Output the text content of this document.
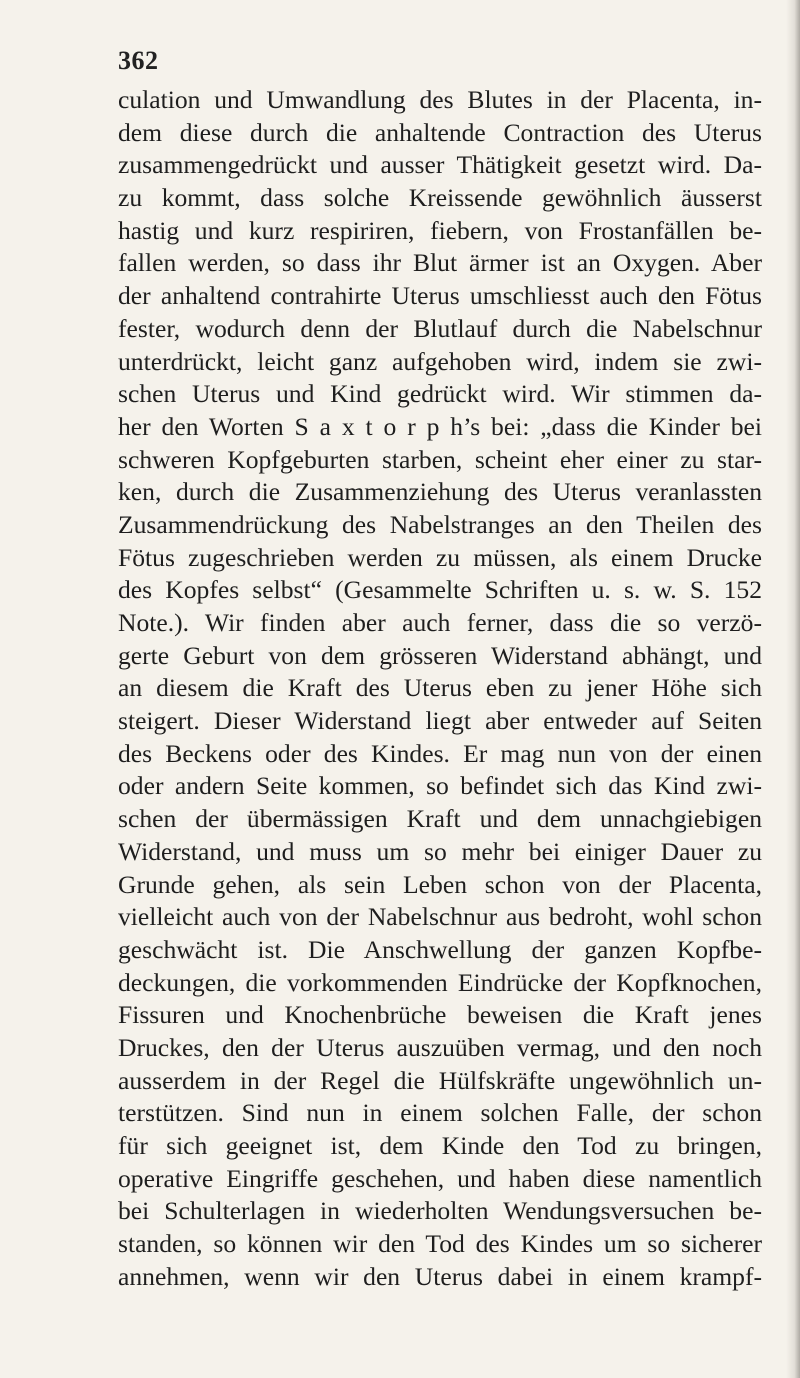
362
culation und Umwandlung des Blutes in der Placenta, in-
dem diese durch die anhaltende Contraction des Uterus
zusammengedrückt und ausser Thätigkeit gesetzt wird. Da-
zu kommt, dass solche Kreissende gewöhnlich äusserst
hastig und kurz respiriren, fiebern, von Frostanfällen be-
fallen werden, so dass ihr Blut ärmer ist an Oxygen. Aber
der anhaltend contrahirte Uterus umschliesst auch den Fötus
fester, wodurch denn der Blutlauf durch die Nabelschnur
unterdrückt, leicht ganz aufgehoben wird, indem sie zwi-
schen Uterus und Kind gedrückt wird. Wir stimmen da-
her den Worten S a x t o r p h’s bei: „dass die Kinder bei
schweren Kopfgeburten starben, scheint eher einer zu star-
ken, durch die Zusammenziehung des Uterus veranlassten
Zusammendrückung des Nabelstranges an den Theilen des
Fötus zugeschrieben werden zu müssen, als einem Drucke
des Kopfes selbst“ (Gesammelte Schriften u. s. w. S. 152
Note.). Wir finden aber auch ferner, dass die so verzö-
gerte Geburt von dem grösseren Widerstand abhängt, und
an diesem die Kraft des Uterus eben zu jener Höhe sich
steigert. Dieser Widerstand liegt aber entweder auf Seiten
des Beckens oder des Kindes. Er mag nun von der einen
oder andern Seite kommen, so befindet sich das Kind zwi-
schen der übermässigen Kraft und dem unnachgiebigen
Widerstand, und muss um so mehr bei einiger Dauer zu
Grunde gehen, als sein Leben schon von der Placenta,
vielleicht auch von der Nabelschnur aus bedroht, wohl schon
geschwächt ist. Die Anschwellung der ganzen Kopfbe-
deckungen, die vorkommenden Eindrücke der Kopfknochen,
Fissuren und Knochenbrüche beweisen die Kraft jenes
Druckes, den der Uterus auszuüben vermag, und den noch
ausserdem in der Regel die Hülfskräfte ungewöhnlich un-
terstützen. Sind nun in einem solchen Falle, der schon
für sich geeignet ist, dem Kinde den Tod zu bringen,
operative Eingriffe geschehen, und haben diese namentlich
bei Schulterlagen in wiederholten Wendungsversuchen be-
standen, so können wir den Tod des Kindes um so sicherer
annehmen, wenn wir den Uterus dabei in einem krampf-
